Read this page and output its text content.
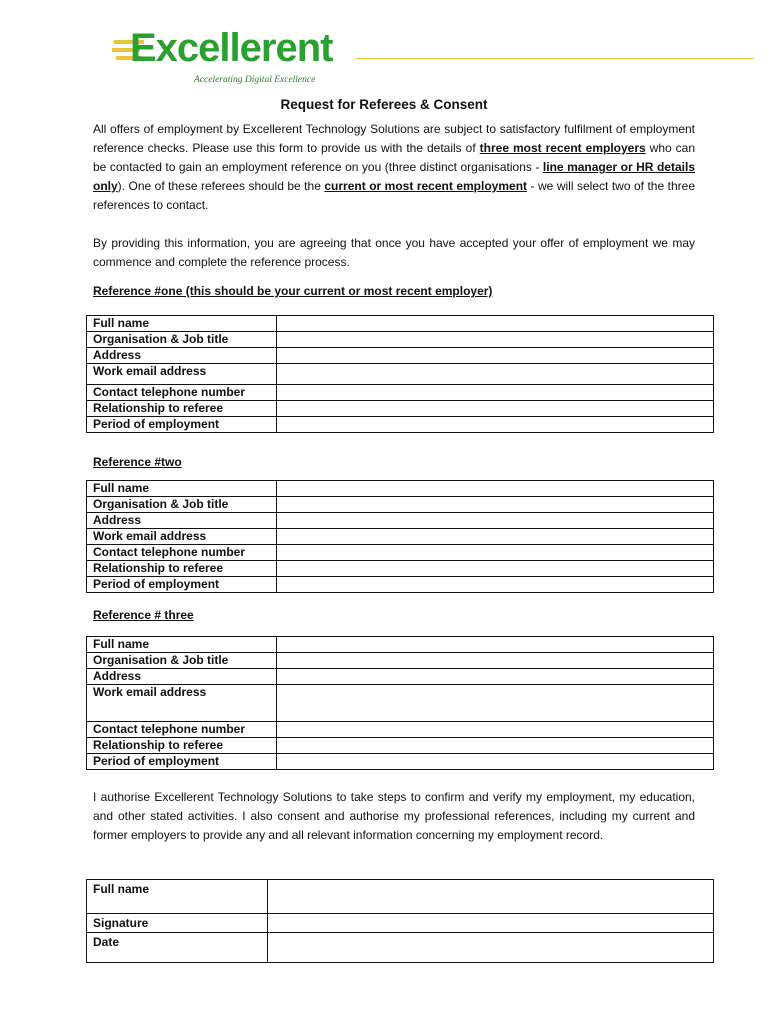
Excellerent
Accelerating Digital Excellence
Request for Referees & Consent
All offers of employment by Excellerent Technology Solutions are subject to satisfactory fulfilment of employment reference checks. Please use this form to provide us with the details of three most recent employers who can be contacted to gain an employment reference on you (three distinct organisations - line manager or HR details only). One of these referees should be the current or most recent employment - we will select two of the three references to contact.
By providing this information, you are agreeing that once you have accepted your offer of employment we may commence and complete the reference process.
Reference #one (this should be your current or most recent employer)
Full name	
Organisation & Job title	
Address	
Work email address	
Contact telephone number	
Relationship to referee	
Period of employment	
Reference #two
Full name	
Organisation & Job title	
Address	
Work email address	
Contact telephone number	
Relationship to referee	
Period of employment	
Reference # three
Full name	
Organisation & Job title	
Address	
Work email address	
Contact telephone number	
Relationship to referee	
Period of employment	
I authorise Excellerent Technology Solutions to take steps to confirm and verify my employment, my education, and other stated activities. I also consent and authorise my professional references, including my current and former employers to provide any and all relevant information concerning my employment record.
Full name	
Signature	
Date	
